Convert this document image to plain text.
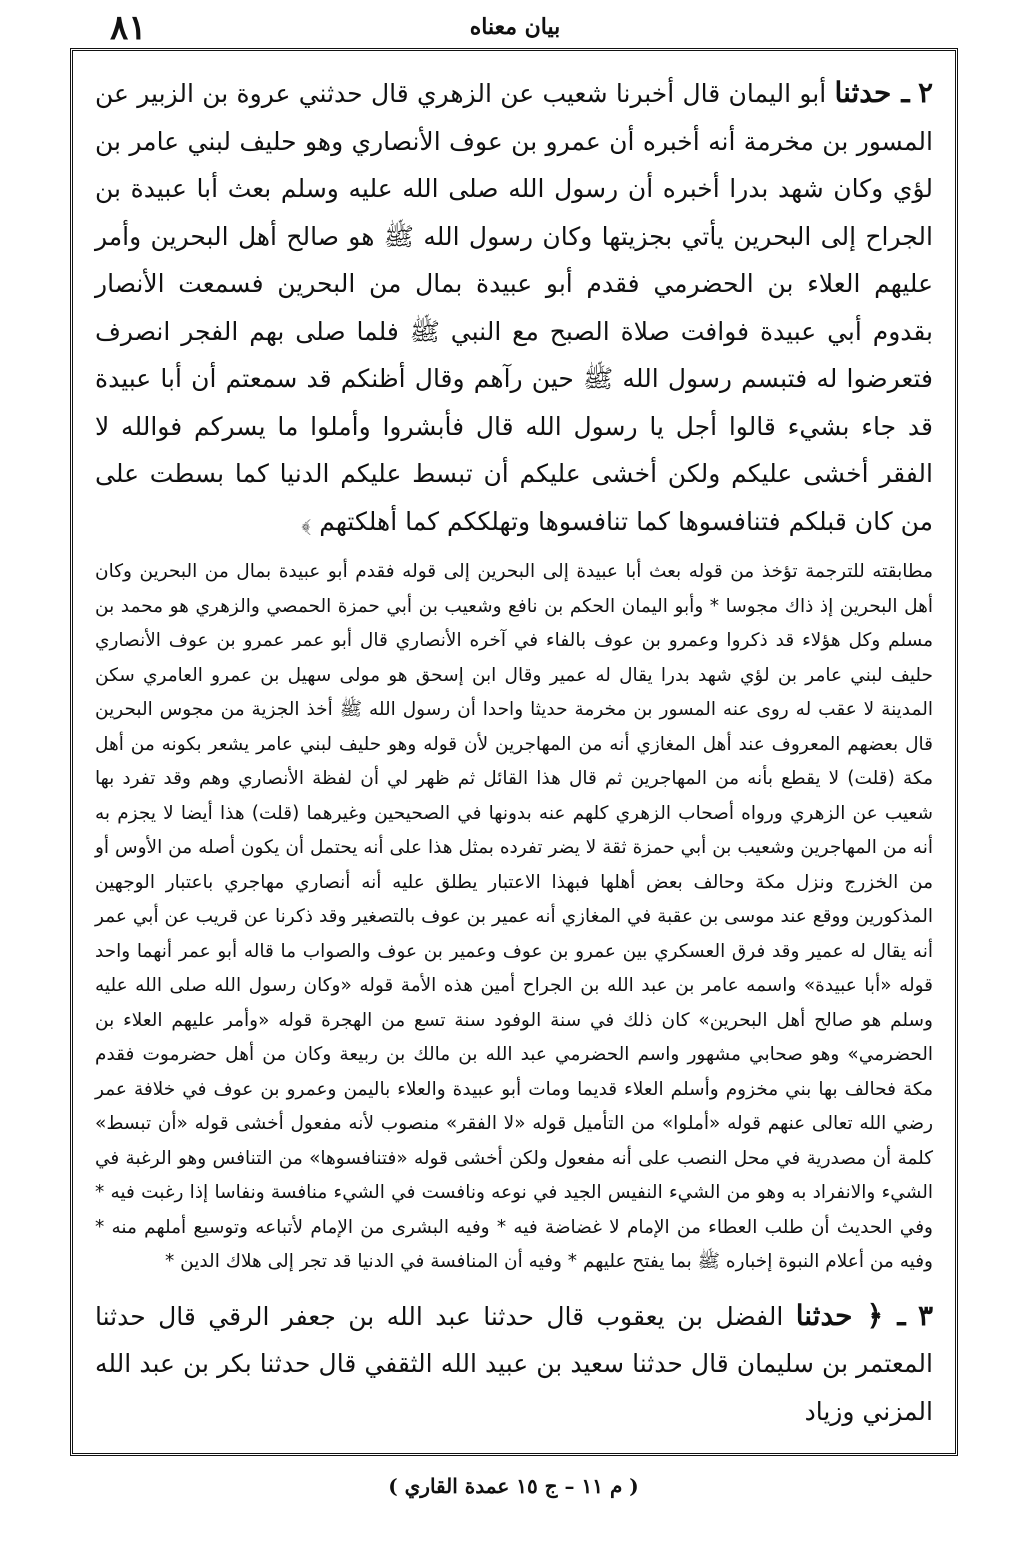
٨١	بيان معناه

٢ ـ حدثنا أبو اليمان قال أخبرنا شعيب عن الزهري قال حدثني عروة بن الزبير عن المسور بن مخرمة أنه أخبره أن عمرو بن عوف الأنصاري وهو حليف لبني عامر بن لؤي وكان شهد بدرا أخبره أن رسول الله صلى الله عليه وسلم بعث أبا عبيدة بن الجراح إلى البحرين يأتي بجزيتها وكان رسول الله ﷺ هو صالح أهل البحرين وأمر عليهم العلاء بن الحضرمي فقدم أبو عبيدة بمال من البحرين فسمعت الأنصار بقدوم أبي عبيدة فوافت صلاة الصبح مع النبي ﷺ فلما صلى بهم الفجر انصرف فتعرضوا له فتبسم رسول الله ﷺ حين رآهم وقال أظنكم قد سمعتم أن أبا عبيدة قد جاء بشيء قالوا أجل يا رسول الله قال فأبشروا وأملوا ما يسركم فوالله لا الفقر أخشى عليكم ولكن أخشى عليكم أن تبسط عليكم الدنيا كما بسطت على من كان قبلكم فتنافسوها كما تنافسوها وتهلككم كما أهلكتهم ﴾

مطابقته للترجمة تؤخذ من قوله بعث أبا عبيدة إلى البحرين إلى قوله فقدم أبو عبيدة بمال من البحرين وكان أهل البحرين إذ ذاك مجوسا * وأبو اليمان الحكم بن نافع وشعيب بن أبي حمزة الحمصي والزهري هو محمد بن مسلم وكل هؤلاء قد ذكروا وعمرو بن عوف بالفاء في آخره الأنصاري قال أبو عمر عمرو بن عوف الأنصاري حليف لبني عامر بن لؤي شهد بدرا يقال له عمير وقال ابن إسحق هو مولى سهيل بن عمرو العامري سكن المدينة لا عقب له روى عنه المسور بن مخرمة حديثا واحدا أن رسول الله ﷺ أخذ الجزية من مجوس البحرين قال بعضهم المعروف عند أهل المغازي أنه من المهاجرين لأن قوله وهو حليف لبني عامر يشعر بكونه من أهل مكة (قلت) لا يقطع بأنه من المهاجرين ثم قال هذا القائل ثم ظهر لي أن لفظة الأنصاري وهم وقد تفرد بها شعيب عن الزهري ورواه أصحاب الزهري كلهم عنه بدونها في الصحيحين وغيرهما (قلت) هذا أيضا لا يجزم به أنه من المهاجرين وشعيب بن أبي حمزة ثقة لا يضر تفرده بمثل هذا على أنه يحتمل أن يكون أصله من الأوس أو من الخزرج ونزل مكة وحالف بعض أهلها فبهذا الاعتبار يطلق عليه أنه أنصاري مهاجري باعتبار الوجهين المذكورين ووقع عند موسى بن عقبة في المغازي أنه عمير بن عوف بالتصغير وقد ذكرنا عن قريب عن أبي عمر أنه يقال له عمير وقد فرق العسكري بين عمرو بن عوف وعمير بن عوف والصواب ما قاله أبو عمر أنهما واحد قوله «أبا عبيدة» واسمه عامر بن عبد الله بن الجراح أمين هذه الأمة قوله «وكان رسول الله صلى الله عليه وسلم هو صالح أهل البحرين» كان ذلك في سنة الوفود سنة تسع من الهجرة قوله «وأمر عليهم العلاء بن الحضرمي» وهو صحابي مشهور واسم الحضرمي عبد الله بن مالك بن ربيعة وكان من أهل حضرموت فقدم مكة فحالف بها بني مخزوم وأسلم العلاء قديما ومات أبو عبيدة والعلاء باليمن وعمرو بن عوف في خلافة عمر رضي الله تعالى عنهم قوله «أملوا» من التأميل قوله «لا الفقر» منصوب لأنه مفعول أخشى قوله «أن تبسط» كلمة أن مصدرية في محل النصب على أنه مفعول ولكن أخشى قوله «فتنافسوها» من التنافس وهو الرغبة في الشيء والانفراد به وهو من الشيء النفيس الجيد في نوعه ونافست في الشيء منافسة ونفاسا إذا رغبت فيه * وفي الحديث أن طلب العطاء من الإمام لا غضاضة فيه * وفيه البشرى من الإمام لأتباعه وتوسيع أملهم منه * وفيه من أعلام النبوة إخباره ﷺ بما يفتح عليهم * وفيه أن المنافسة في الدنيا قد تجر إلى هلاك الدين *

٣ ـ ﴿ حدثنا الفضل بن يعقوب قال حدثنا عبد الله بن جعفر الرقي قال حدثنا المعتمر بن سليمان قال حدثنا سعيد بن عبيد الله الثقفي قال حدثنا بكر بن عبد الله المزني وزياد

( م ١١ – ج ١٥ عمدة القاري )
